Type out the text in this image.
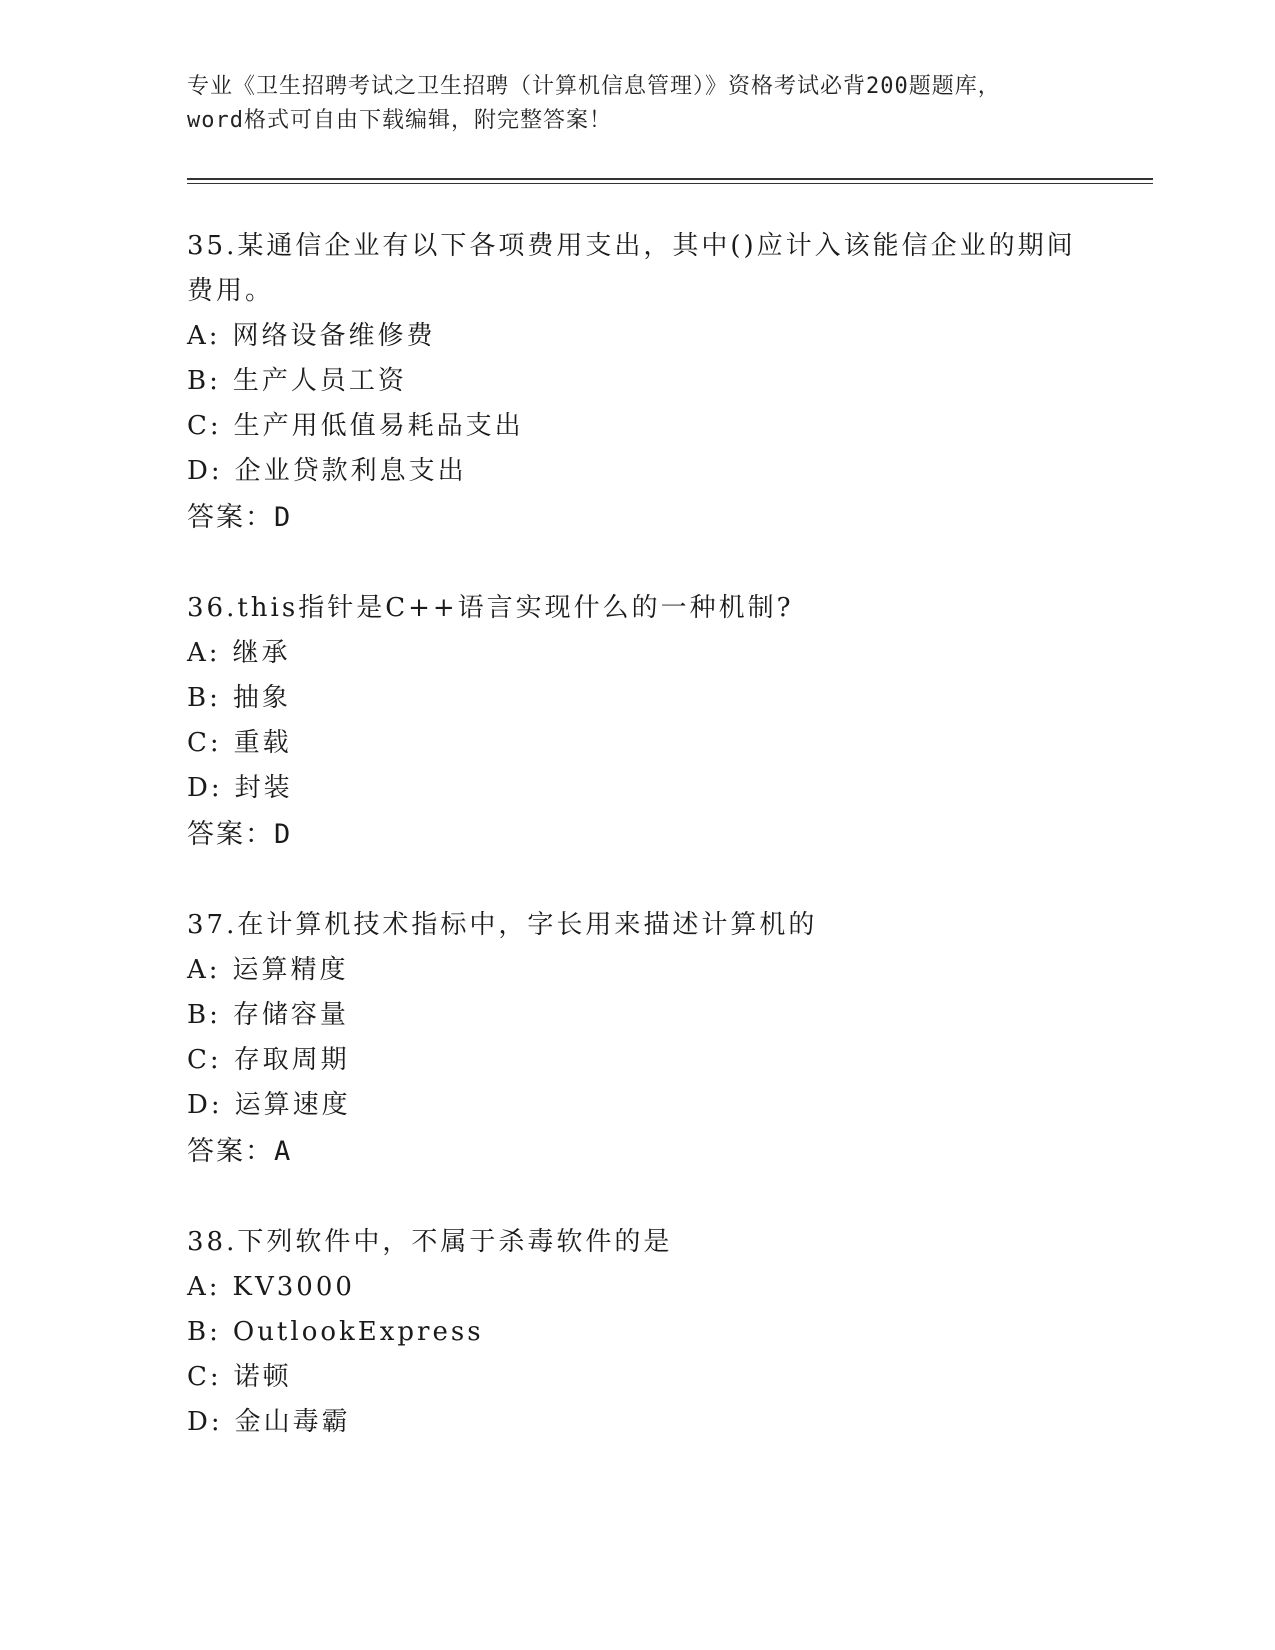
专业《卫生招聘考试之卫生招聘（计算机信息管理）》资格考试必背200题题库，
word格式可自由下载编辑，附完整答案！
35.某通信企业有以下各项费用支出，其中()应计入该能信企业的期间费用。
A: 网络设备维修费
B: 生产人员工资
C: 生产用低值易耗品支出
D: 企业贷款利息支出
答案：D
36.this指针是C++语言实现什么的一种机制?
A: 继承
B: 抽象
C: 重载
D: 封装
答案：D
37.在计算机技术指标中，字长用来描述计算机的
A: 运算精度
B: 存储容量
C: 存取周期
D: 运算速度
答案：A
38.下列软件中，不属于杀毒软件的是
A: KV3000
B: OutlookExpress
C: 诺顿
D: 金山毒霸
